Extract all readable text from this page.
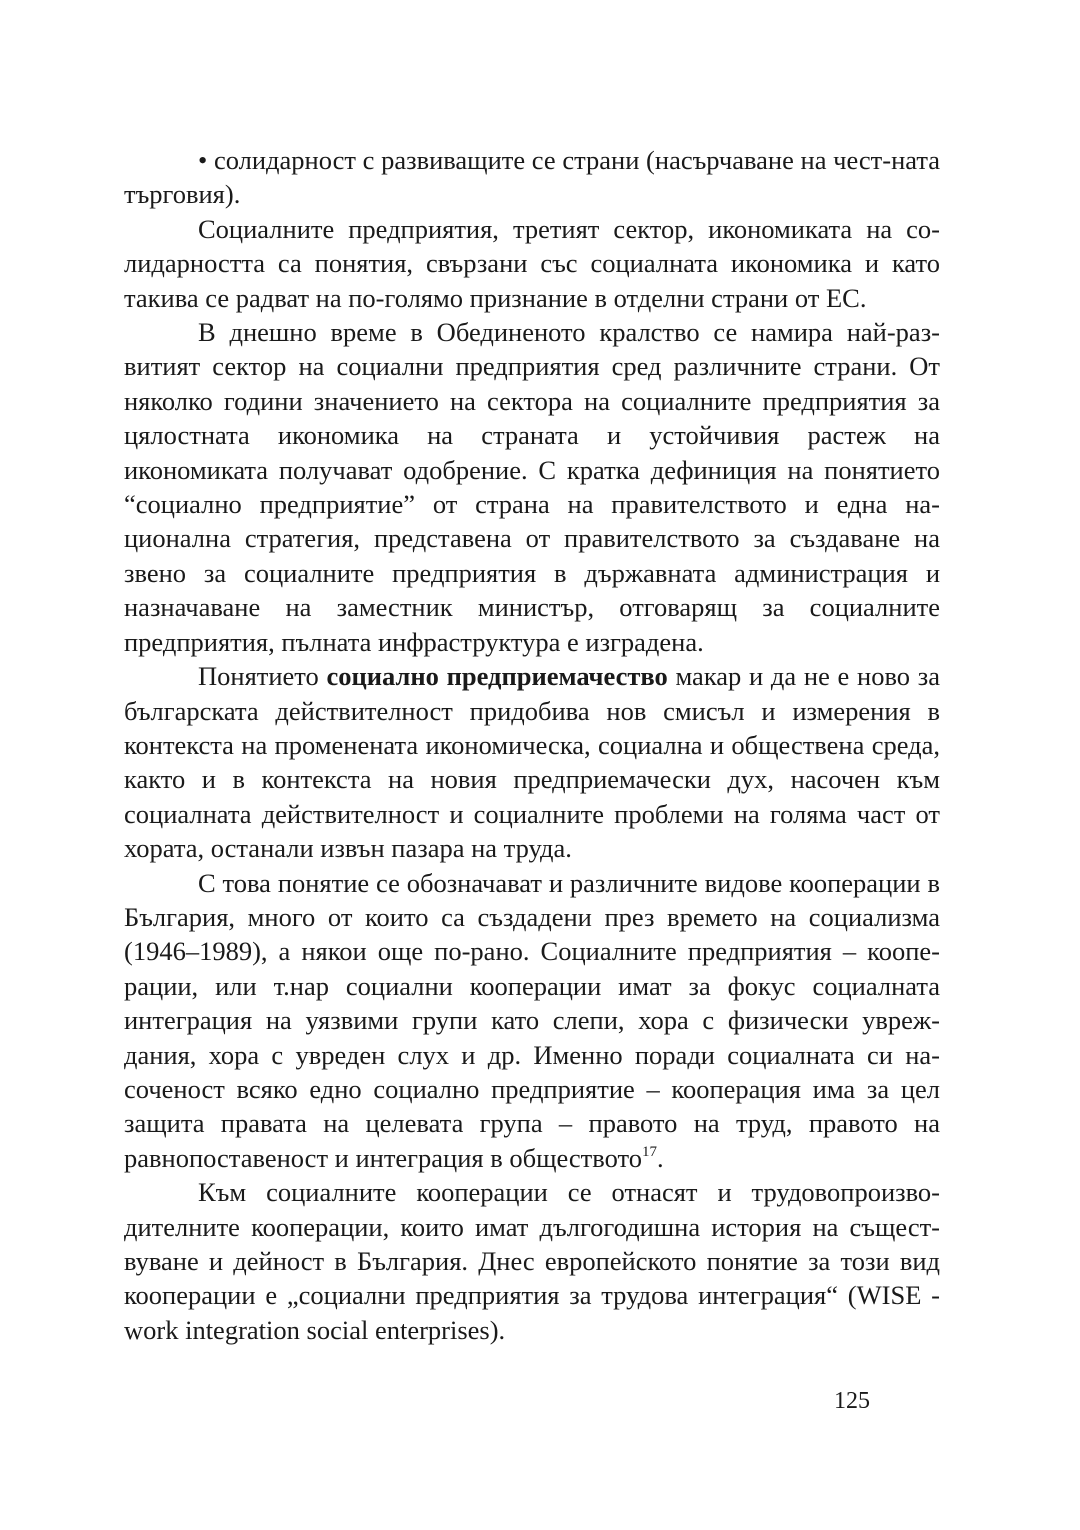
• солидарност с развиващите се страни (насърчаване на чест-ната търговия).

Социалните предприятия, третият сектор, икономиката на солидарността са понятия, свързани със социалната икономика и като такива се радват на по-голямо признание в отделни страни от ЕС.

В днешно време в Обединеното кралство се намира най-развитият сектор на социални предприятия сред различните страни. От няколко години значението на сектора на социалните предприятия за цялостната икономика на страната и устойчивия растеж на икономиката получават одобрение. С кратка дефиниция на понятието “социално предприятие” от страна на правителството и една национална стратегия, представена от правителството за създаване на звено за социалните предприятия в държавната администрация и назначаване на заместник министър, отговарящ за социалните предприятия, пълната инфраструктура е изградена.

Понятието социално предприемачество макар и да не е ново за българската действителност придобива нов смисъл и измерения в контекста на променената икономическа, социална и обществена среда, както и в контекста на новия предприемачески дух, насочен към социалната действителност и социалните проблеми на голяма част от хората, останали извън пазара на труда.

С това понятие се обозначават и различните видове кооперации в България, много от които са създадени през времето на социализма (1946–1989), а някои още по-рано. Социалните предприятия – кооперации, или т.нар социални кооперации имат за фокус социалната интеграция на уязвими групи като слепи, хора с физически увреждания, хора с увреден слух и др. Именно поради социалната си насоченост всяко едно социално предприятие – кооперация има за цел защита правата на целевата група – правото на труд, правото на равнопоставеност и интеграция в обществото$^{17}$.

Към социалните кооперации се отнасят и трудовопроизводителните кооперации, които имат дългогодишна история на съществуване и дейност в България. Днес европейското понятие за този вид кооперации е „социални предприятия за трудова интеграция“ (WISE - work integration social enterprises).

125
